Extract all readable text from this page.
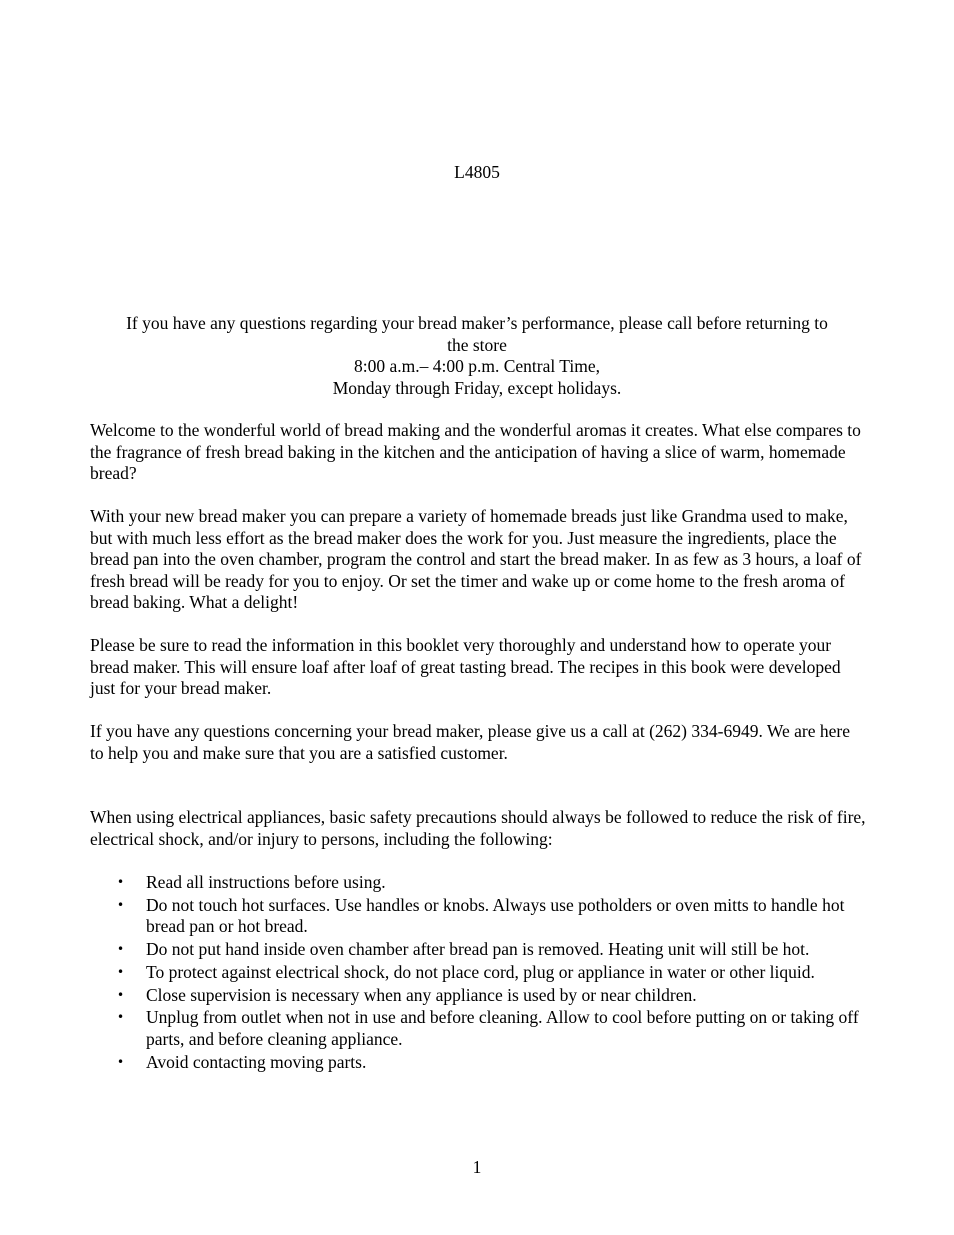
L4805
If you have any questions regarding your bread maker’s performance, please call before returning to
the store
8:00 a.m.– 4:00 p.m. Central Time,
Monday through Friday, except holidays.

Welcome to the wonderful world of bread making and the wonderful aromas it creates. What else compares to the fragrance of fresh bread baking in the kitchen and the anticipation of having a slice of warm, homemade bread?

With your new bread maker you can prepare a variety of homemade breads just like Grandma used to make, but with much less effort as the bread maker does the work for you. Just measure the ingredients, place the bread pan into the oven chamber, program the control and start the bread maker. In as few as 3 hours, a loaf of fresh bread will be ready for you to enjoy. Or set the timer and wake up or come home to the fresh aroma of bread baking. What a delight!

Please be sure to read the information in this booklet very thoroughly and understand how to operate your bread maker. This will ensure loaf after loaf of great tasting bread. The recipes in this book were developed just for your bread maker.

If you have any questions concerning your bread maker, please give us a call at (262) 334-6949. We are here to help you and make sure that you are a satisfied customer.

When using electrical appliances, basic safety precautions should always be followed to reduce the risk of fire, electrical shock, and/or injury to persons, including the following:

• Read all instructions before using.
• Do not touch hot surfaces. Use handles or knobs. Always use potholders or oven mitts to handle hot bread pan or hot bread.
• Do not put hand inside oven chamber after bread pan is removed. Heating unit will still be hot.
• To protect against electrical shock, do not place cord, plug or appliance in water or other liquid.
• Close supervision is necessary when any appliance is used by or near children.
• Unplug from outlet when not in use and before cleaning. Allow to cool before putting on or taking off parts, and before cleaning appliance.
• Avoid contacting moving parts.
1
